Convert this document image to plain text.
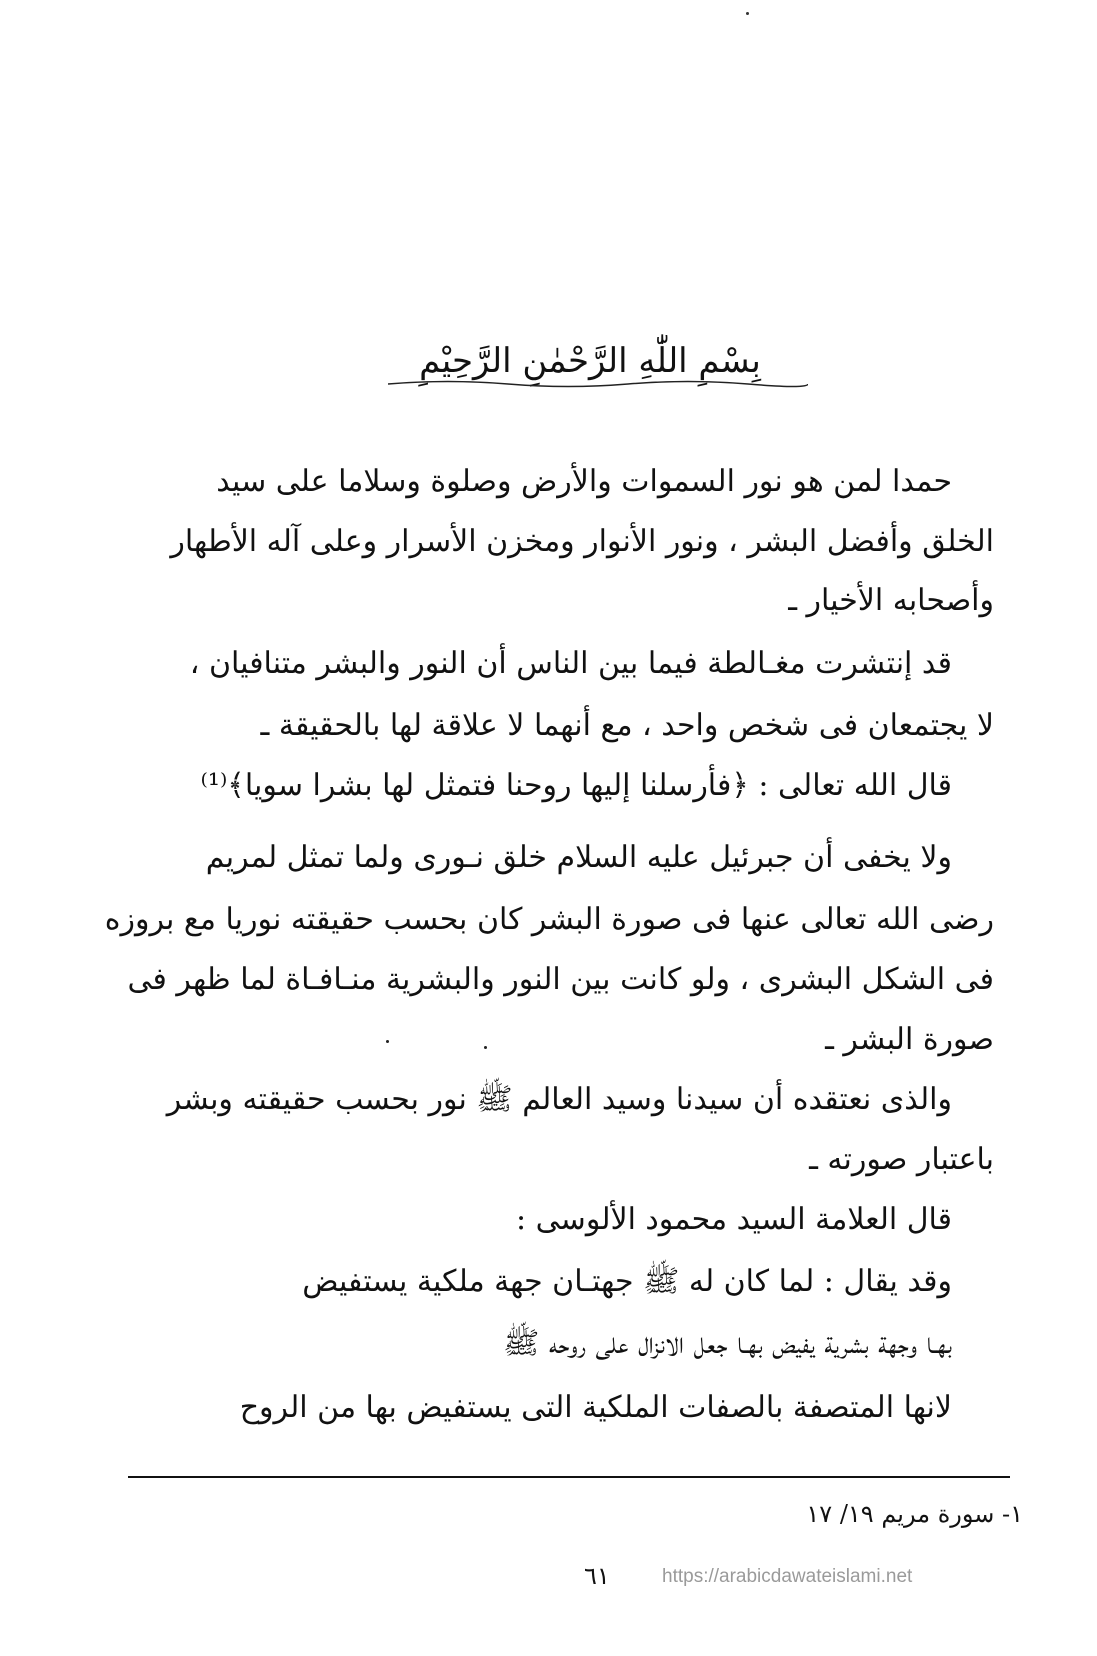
بِسْمِ اللّٰهِ الرَّحْمٰنِ الرَّحِيْمِ
حمدا لمن هو نور السموات والأرض وصلوة وسلاما على سيد
الخلق وأفضل البشر ، ونور الأنوار ومخزن الأسرار وعلى آله الأطهار
وأصحابه الأخيار ـ
قد إنتشرت مغـالطة فيما بين الناس أن النور والبشر متنافيان ،
لا يجتمعان فى شخص واحد ، مع أنهما لا علاقة لها بالحقيقة ـ
قال الله تعالى : ﴿فأرسلنا إليها روحنا فتمثل لها بشرا سويا﴾⁽¹⁾
ولا يخفى أن جبرئيل عليه السلام خلق نـورى ولما تمثل لمريم
رضى الله تعالى عنها فى صورة البشر كان بحسب حقيقته نوريا مع بروزه
فى الشكل البشرى ، ولو كانت بين النور والبشرية منـافـاة لما ظهر فى
صورة البشر ـ
والذى نعتقده أن سيدنا وسيد العالم ﷺ نور بحسب حقيقته وبشر
باعتبار صورته ـ
قال العلامة السيد محمود الألوسى :
وقد يقال : لما كان له ﷺ جهتـان جهة ملكية يستفيض
بهـا وجهة بشرية يفيض بهـا جعل الانزال على روحه ﷺ
لانها المتصفة بالصفات الملكية التى يستفيض بها من الروح
١- سورة مريم ١٩/ ١٧
٦١	https://arabicdawateislami.net
